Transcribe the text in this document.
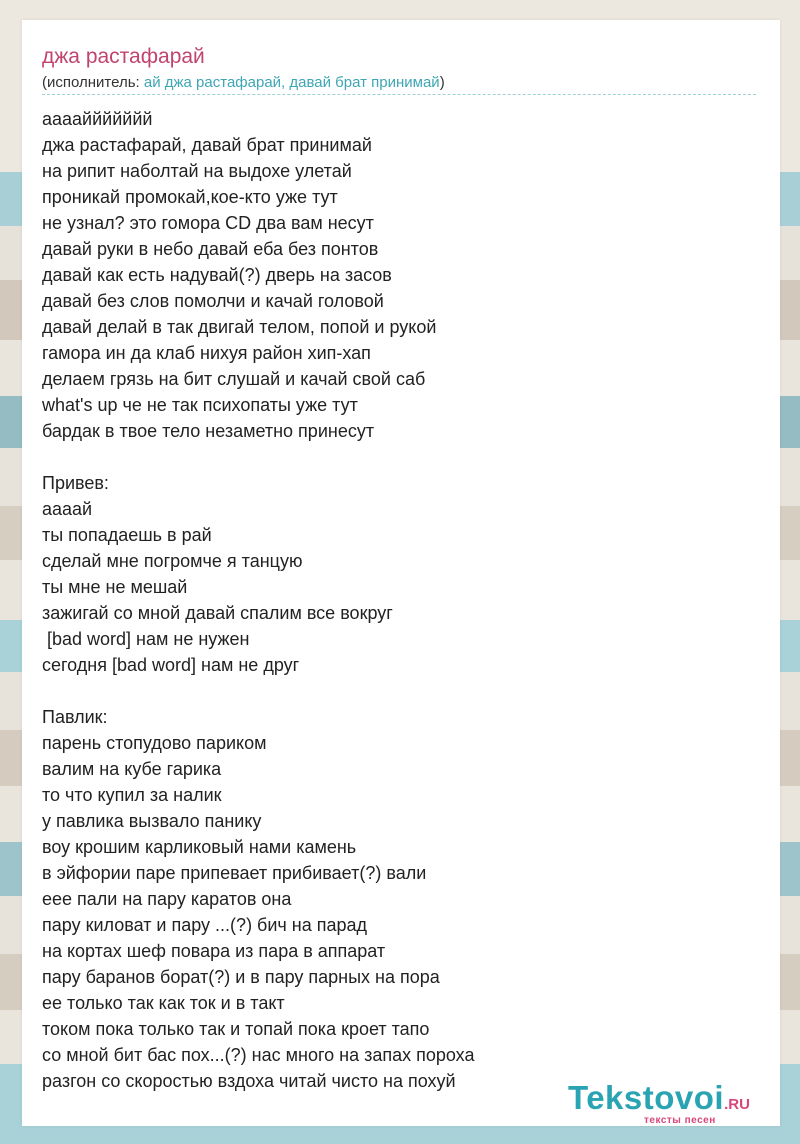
джа растафарай
(исполнитель: ай джа растафарай, давай брат принимай)
ааааййййййй
джа растафарай, давай брат принимай
на рипит наболтай на выдохе улетай
проникай промокай,кое-кто уже тут
не узнал? это гомора CD два вам несут
давай руки в небо давай еба без понтов
давай как есть надувай(?) дверь на засов
давай без слов помолчи и качай головой
давай делай в так двигай телом, попой и рукой
гамора ин да клаб нихуя район хип-хап
делаем грязь на бит слушай и качай свой саб
what's up че не так психопаты уже тут
бардак в твое тело незаметно принесут
Привев:
аааай
ты попадаешь в рай
сделай мне погромче я танцую
ты мне не мешай
зажигай со мной давай спалим все вокруг
[bad word] нам не нужен
сегодня [bad word] нам не друг
Павлик:
парень стопудово париком
валим на кубе гарика
то что купил за налик
у павлика вызвало панику
воу крошим карликовый нами камень
в эйфории паре припевает прибивает(?) вали
еее пали на пару каратов она
пару киловат и пару ...(?) бич на парад
на кортах шеф повара из пара в аппарат
пару баранов борат(?) и в пару парных на пора
ее только так как ток и в такт
током пока только так и топай пока кроет тапо
со мной бит бас пох...(?) нас много на запах пороха
разгон со скоростью вздоха читай чисто на похуй	Tekstovoi.RU
тексты песен
